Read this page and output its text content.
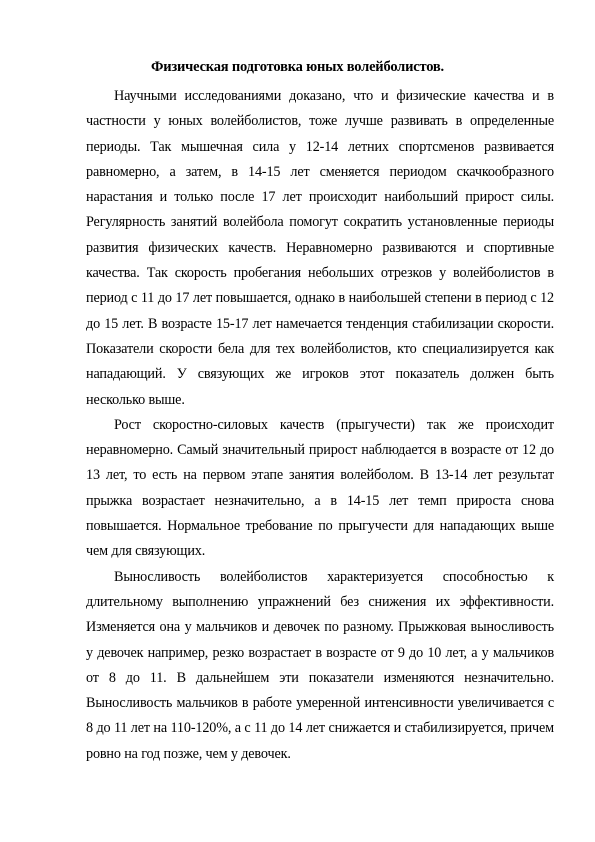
Физическая подготовка юных волейболистов.

Научными исследованиями доказано, что и физические качества и в частности у юных волейболистов, тоже лучше развивать в определенные периоды. Так мышечная сила у 12-14 летних спортсменов развивается равномерно, а затем, в 14-15 лет сменяется периодом скачкообразного нарастания и только после 17 лет происходит наибольший прирост силы. Регулярность занятий волейбола помогут сократить установленные периоды развития физических качеств. Неравномерно развиваются и спортивные качества. Так скорость пробегания небольших отрезков у волейболистов в период с 11 до 17 лет повышается, однако в наибольшей степени в период с 12 до 15 лет. В возрасте 15-17 лет намечается тенденция стабилизации скорости. Показатели скорости бела для тех волейболистов, кто специализируется как нападающий. У связующих же игроков этот показатель должен быть несколько выше.

Рост скоростно-силовых качеств (прыгучести) так же происходит неравномерно. Самый значительный прирост наблюдается в возрасте от 12 до 13 лет, то есть на первом этапе занятия волейболом. В 13-14 лет результат прыжка возрастает незначительно, а в 14-15 лет темп прироста снова повышается. Нормальное требование по прыгучести для нападающих выше чем для связующих.

Выносливость волейболистов характеризуется способностью к длительному выполнению упражнений без снижения их эффективности. Изменяется она у мальчиков и девочек по разному. Прыжковая выносливость у девочек например, резко возрастает в возрасте от 9 до 10 лет, а у мальчиков от 8 до 11. В дальнейшем эти показатели изменяются незначительно. Выносливость мальчиков в работе умеренной интенсивности увеличивается с 8 до 11 лет на 110-120%, а с 11 до 14 лет снижается и стабилизируется, причем ровно на год позже, чем у девочек.
